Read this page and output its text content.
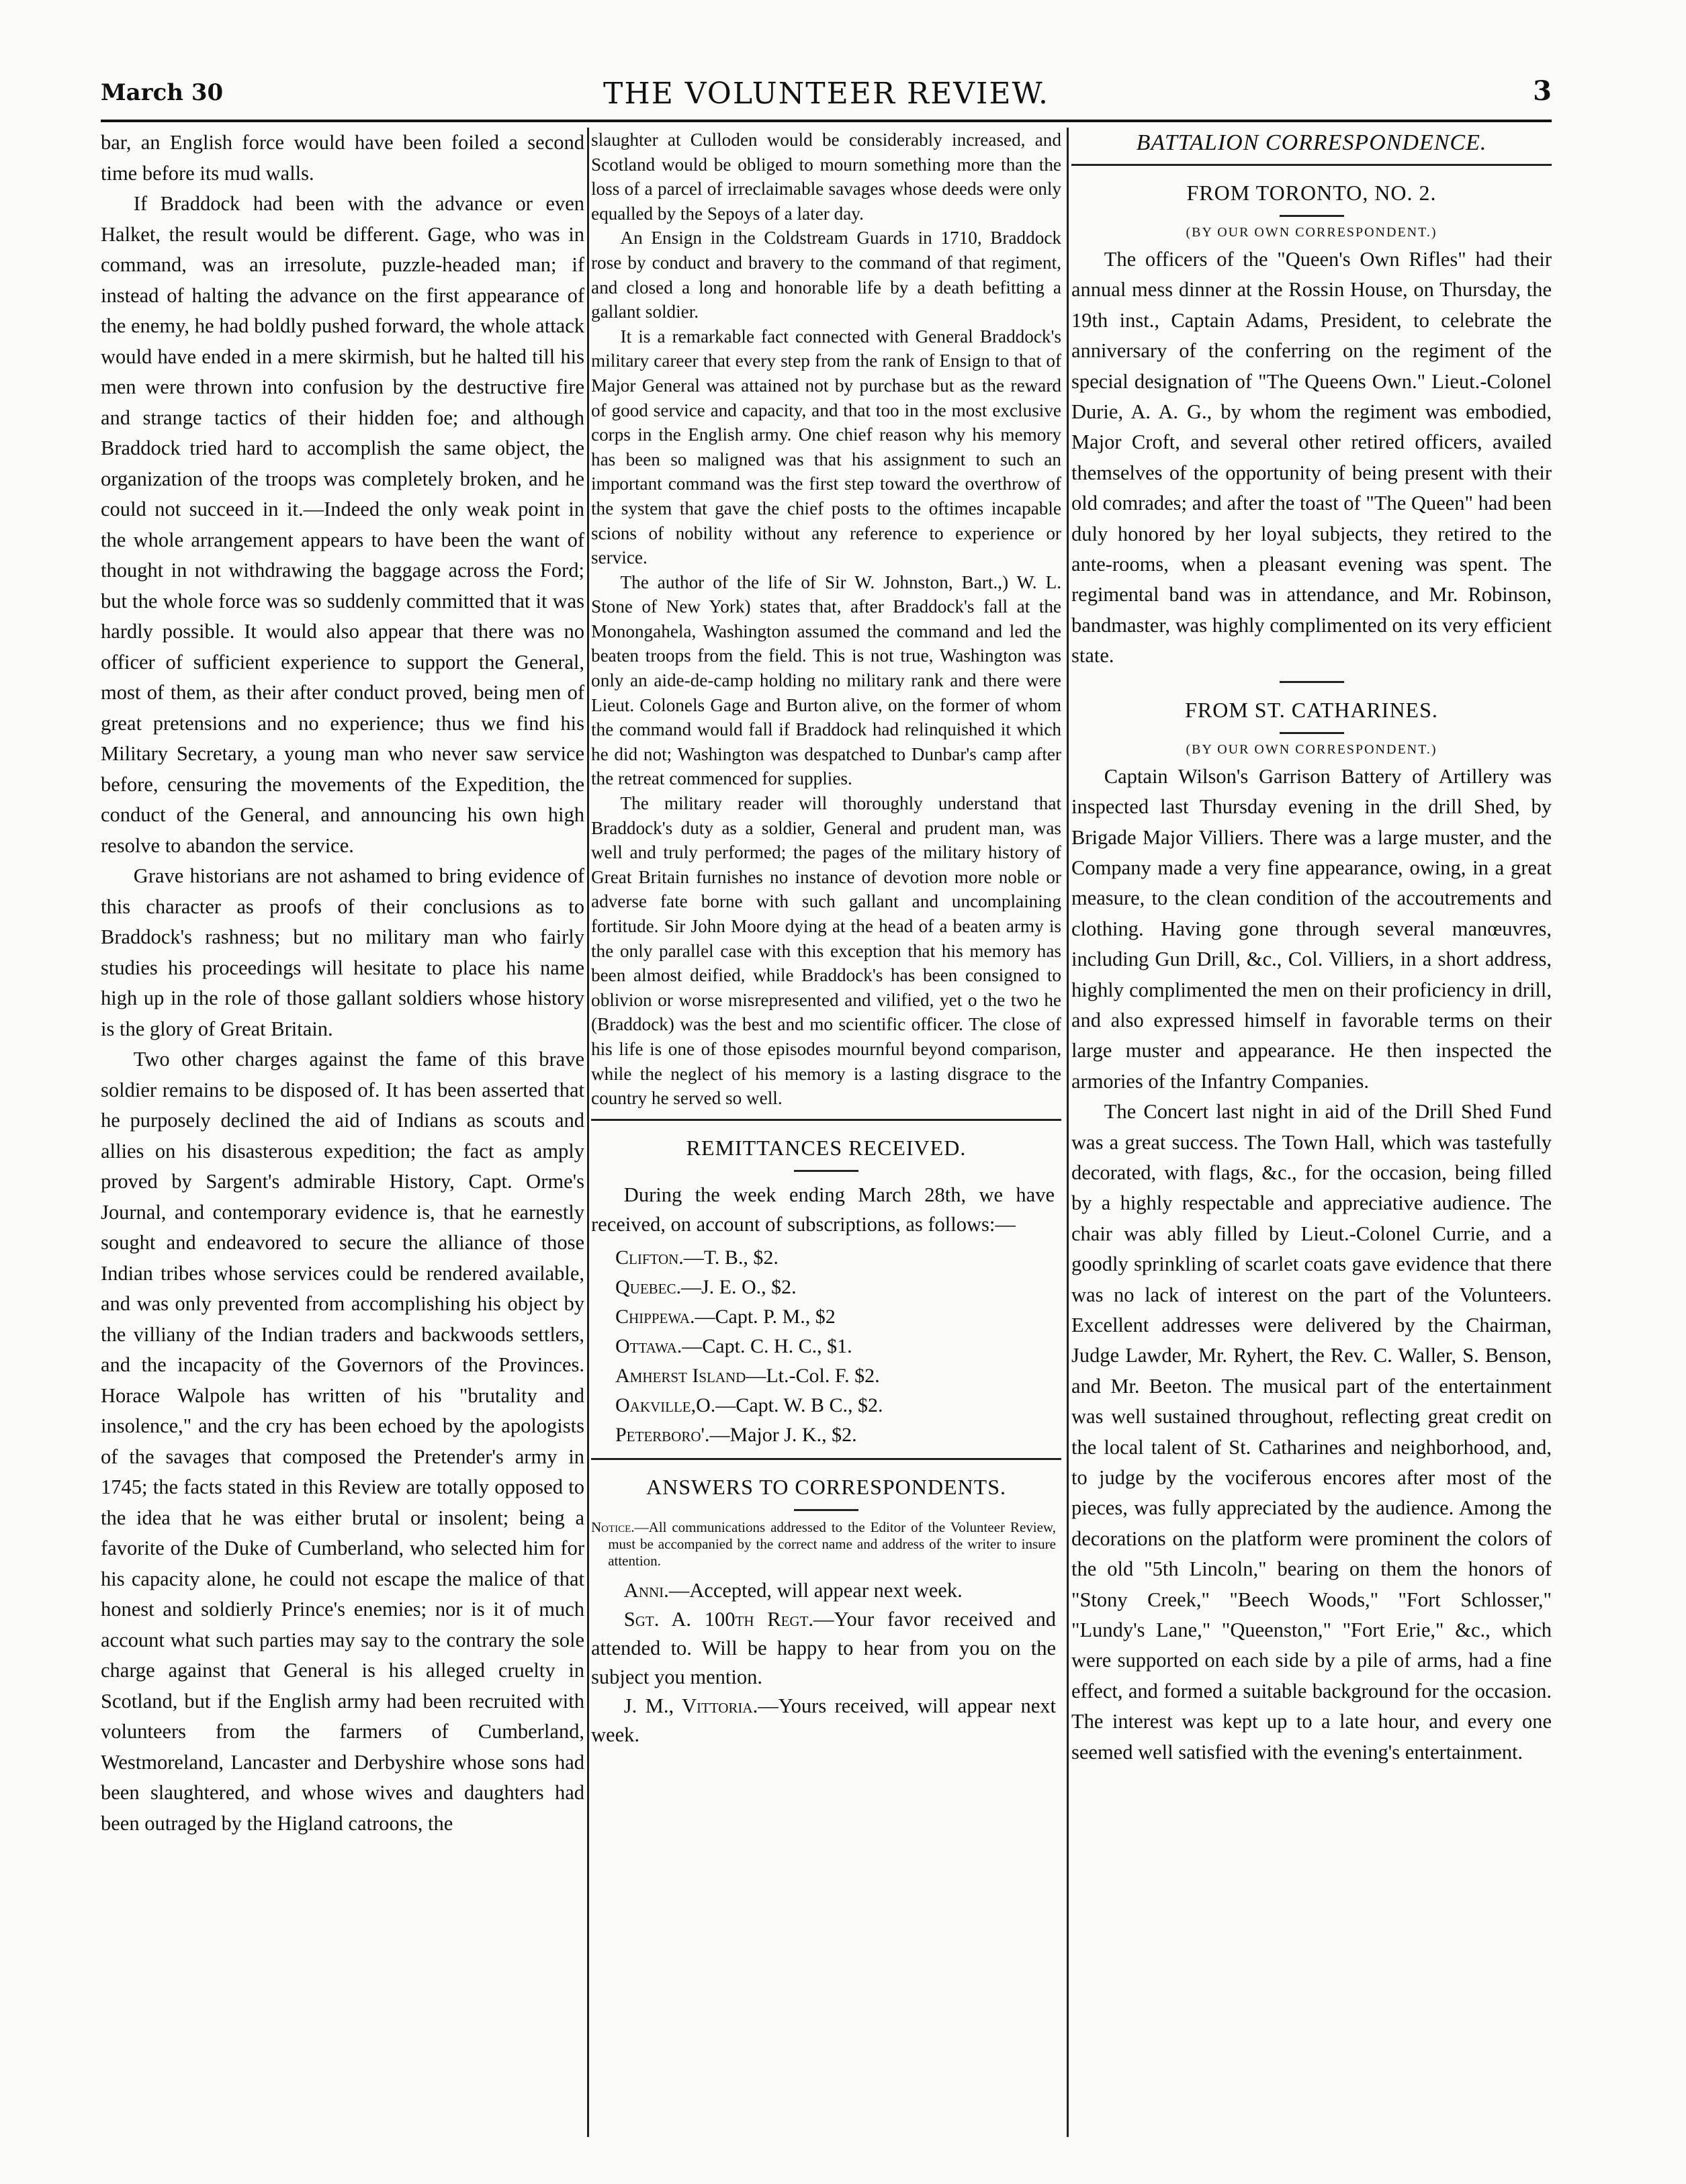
March 30	THE VOLUNTEER REVIEW.	3

bar, an English force would have been foiled a second time before its mud walls.

If Braddock had been with the advance or even Halket, the result would be different. Gage, who was in command, was an irresolute, puzzle-headed man; if instead of halting the advance on the first appearance of the enemy, he had boldly pushed forward, the whole attack would have ended in a mere skirmish, but he halted till his men were thrown into confusion by the destructive fire and strange tactics of their hidden foe; and although Braddock tried hard to accomplish the same object, the organization of the troops was completely broken, and he could not succeed in it.—Indeed the only weak point in the whole arrangement appears to have been the want of thought in not withdrawing the baggage across the Ford; but the whole force was so suddenly committed that it was hardly possible. It would also appear that there was no officer of sufficient experience to support the General, most of them, as their after conduct proved, being men of great pretensions and no experience; thus we find his Military Secretary, a young man who never saw service before, censuring the movements of the Expedition, the conduct of the General, and announcing his own high resolve to abandon the service.

Grave historians are not ashamed to bring evidence of this character as proofs of their conclusions as to Braddock's rashness; but no military man who fairly studies his proceedings will hesitate to place his name high up in the role of those gallant soldiers whose history is the glory of Great Britain.

Two other charges against the fame of this brave soldier remains to be disposed of. It has been asserted that he purposely declined the aid of Indians as scouts and allies on his disasterous expedition; the fact as amply proved by Sargent's admirable History, Capt. Orme's Journal, and contemporary evidence is, that he earnestly sought and endeavored to secure the alliance of those Indian tribes whose services could be rendered available, and was only prevented from accomplishing his object by the villiany of the Indian traders and backwoods settlers, and the incapacity of the Governors of the Provinces. Horace Walpole has written of his "brutality and insolence," and the cry has been echoed by the apologists of the savages that composed the Pretender's army in 1745; the facts stated in this Review are totally opposed to the idea that he was either brutal or insolent; being a favorite of the Duke of Cumberland, who selected him for his capacity alone, he could not escape the malice of that honest and soldierly Prince's enemies; nor is it of much account what such parties may say to the contrary the sole charge against that General is his alleged cruelty in Scotland, but if the English army had been recruited with volunteers from the farmers of Cumberland, Westmoreland, Lancaster and Derbyshire whose sons had been slaughtered, and whose wives and daughters had been outraged by the Higland catroons, the

slaughter at Culloden would be considerably increased, and Scotland would be obliged to mourn something more than the loss of a parcel of irreclaimable savages whose deeds were only equalled by the Sepoys of a later day.

An Ensign in the Coldstream Guards in 1710, Braddock rose by conduct and bravery to the command of that regiment, and closed a long and honorable life by a death befitting a gallant soldier.

It is a remarkable fact connected with General Braddock's military career that every step from the rank of Ensign to that of Major General was attained not by purchase but as the reward of good service and capacity, and that too in the most exclusive corps in the English army. One chief reason why his memory has been so maligned was that his assignment to such an important command was the first step toward the overthrow of the system that gave the chief posts to the oftimes incapable scions of nobility without any reference to experience or service.

The author of the life of Sir W. Johnston, Bart.,) W. L. Stone of New York) states that, after Braddock's fall at the Monongahela, Washington assumed the command and led the beaten troops from the field. This is not true, Washington was only an aide-de-camp holding no military rank and there were Lieut. Colonels Gage and Burton alive, on the former of whom the command would fall if Braddock had relinquished it which he did not; Washington was despatched to Dunbar's camp after the retreat commenced for supplies.

The military reader will thoroughly understand that Braddock's duty as a soldier, General and prudent man, was well and truly performed; the pages of the military history of Great Britain furnishes no instance of devotion more noble or adverse fate borne with such gallant and uncomplaining fortitude. Sir John Moore dying at the head of a beaten army is the only parallel case with this exception that his memory has been almost deified, while Braddock's has been consigned to oblivion or worse misrepresented and vilified, yet o the two he (Braddock) was the best and mo scientific officer. The close of his life is one of those episodes mournful beyond comparison, while the neglect of his memory is a lasting disgrace to the country he served so well.

REMITTANCES RECEIVED.

During the week ending March 28th, we have received, on account of subscriptions, as follows:—

Clifton.—T. B., $2.
Quebec.—J. E. O., $2.
Chippewa.—Capt. P. M., $2
Ottawa.—Capt. C. H. C., $1.
Amherst Island—Lt.-Col. F. $2.
Oakville,O.—Capt. W. B C., $2.
Peterboro'.—Major J. K., $2.
ANSWERS TO CORRESPONDENTS.

Notice.—All communications addressed to the Editor of the Volunteer Review, must be accompanied by the correct name and address of the writer to insure attention.

Anni.—Accepted, will appear next week.

Sgt. A. 100th Regt.—Your favor received and attended to. Will be happy to hear from you on the subject you mention.

J. M., Vittoria.—Yours received, will appear next week.

BATTALION CORRESPONDENCE.
FROM TORONTO, NO. 2.
(BY OUR OWN CORRESPONDENT.)

The officers of the "Queen's Own Rifles" had their annual mess dinner at the Rossin House, on Thursday, the 19th inst., Captain Adams, President, to celebrate the anniversary of the conferring on the regiment of the special designation of "The Queens Own." Lieut.-Colonel Durie, A. A. G., by whom the regiment was embodied, Major Croft, and several other retired officers, availed themselves of the opportunity of being present with their old comrades; and after the toast of "The Queen" had been duly honored by her loyal subjects, they retired to the ante-rooms, when a pleasant evening was spent. The regimental band was in attendance, and Mr. Robinson, bandmaster, was highly complimented on its very efficient state.

FROM ST. CATHARINES.
(BY OUR OWN CORRESPONDENT.)

Captain Wilson's Garrison Battery of Artillery was inspected last Thursday evening in the drill Shed, by Brigade Major Villiers. There was a large muster, and the Company made a very fine appearance, owing, in a great measure, to the clean condition of the accoutrements and clothing. Having gone through several manœuvres, including Gun Drill, &c., Col. Villiers, in a short address, highly complimented the men on their proficiency in drill, and also expressed himself in favorable terms on their large muster and appearance. He then inspected the armories of the Infantry Companies.

The Concert last night in aid of the Drill Shed Fund was a great success. The Town Hall, which was tastefully decorated, with flags, &c., for the occasion, being filled by a highly respectable and appreciative audience. The chair was ably filled by Lieut.-Colonel Currie, and a goodly sprinkling of scarlet coats gave evidence that there was no lack of interest on the part of the Volunteers. Excellent addresses were delivered by the Chairman, Judge Lawder, Mr. Ryhert, the Rev. C. Waller, S. Benson, and Mr. Beeton. The musical part of the entertainment was well sustained throughout, reflecting great credit on the local talent of St. Catharines and neighborhood, and, to judge by the vociferous encores after most of the pieces, was fully appreciated by the audience. Among the decorations on the platform were prominent the colors of the old "5th Lincoln," bearing on them the honors of "Stony Creek," "Beech Woods," "Fort Schlosser," "Lundy's Lane," "Queenston," "Fort Erie," &c., which were supported on each side by a pile of arms, had a fine effect, and formed a suitable background for the occasion. The interest was kept up to a late hour, and every one seemed well satisfied with the evening's entertainment.
